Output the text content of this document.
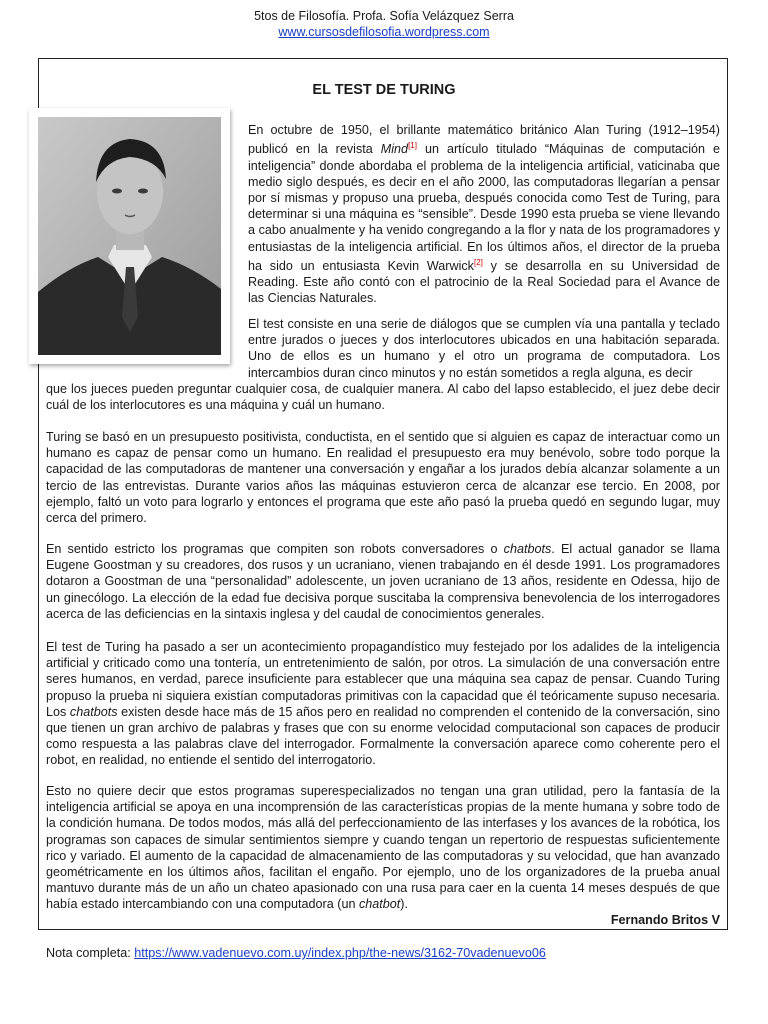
5tos de Filosofía. Profa. Sofía Velázquez Serra
www.cursosdefilosofia.wordpress.com
EL TEST DE TURING
En octubre de 1950, el brillante matemático británico Alan Turing (1912–1954) publicó en la revista Mind[1] un artículo titulado “Máquinas de computación e inteligencia” donde abordaba el problema de la inteligencia artificial, vaticinaba que medio siglo después, es decir en el año 2000, las computadoras llegarían a pensar por sí mismas y propuso una prueba, después conocida como Test de Turing, para determinar si una máquina es “sensible”. Desde 1990 esta prueba se viene llevando a cabo anualmente y ha venido congregando a la flor y nata de los programadores y entusiastas de la inteligencia artificial. En los últimos años, el director de la prueba ha sido un entusiasta Kevin Warwick[2] y se desarrolla en su Universidad de Reading. Este año contó con el patrocinio de la Real Sociedad para el Avance de las Ciencias Naturales.
El test consiste en una serie de diálogos que se cumplen vía una pantalla y teclado entre jurados o jueces y dos interlocutores ubicados en una habitación separada. Uno de ellos es un humano y el otro un programa de computadora. Los intercambios duran cinco minutos y no están sometidos a regla alguna, es decir
que los jueces pueden preguntar cualquier cosa, de cualquier manera. Al cabo del lapso establecido, el juez debe decir cuál de los interlocutores es una máquina y cuál un humano.
Turing se basó en un presupuesto positivista, conductista, en el sentido que si alguien es capaz de interactuar como un humano es capaz de pensar como un humano. En realidad el presupuesto era muy benévolo, sobre todo porque la capacidad de las computadoras de mantener una conversación y engañar a los jurados debía alcanzar solamente a un tercio de las entrevistas. Durante varios años las máquinas estuvieron cerca de alcanzar ese tercio. En 2008, por ejemplo, faltó un voto para lograrlo y entonces el programa que este año pasó la prueba quedó en segundo lugar, muy cerca del primero.
En sentido estricto los programas que compiten son robots conversadores o chatbots. El actual ganador se llama Eugene Goostman y su creadores, dos rusos y un ucraniano, vienen trabajando en él desde 1991. Los programadores dotaron a Goostman de una “personalidad” adolescente, un joven ucraniano de 13 años, residente en Odessa, hijo de un ginecólogo. La elección de la edad fue decisiva porque suscitaba la comprensiva benevolencia de los interrogadores acerca de las deficiencias en la sintaxis inglesa y del caudal de conocimientos generales.
El test de Turing ha pasado a ser un acontecimiento propagandístico muy festejado por los adalides de la inteligencia artificial y criticado como una tontería, un entretenimiento de salón, por otros. La simulación de una conversación entre seres humanos, en verdad, parece insuficiente para establecer que una máquina sea capaz de pensar. Cuando Turing propuso la prueba ni siquiera existían computadoras primitivas con la capacidad que él teóricamente supuso necesaria. Los chatbots existen desde hace más de 15 años pero en realidad no comprenden el contenido de la conversación, sino que tienen un gran archivo de palabras y frases que con su enorme velocidad computacional son capaces de producir como respuesta a las palabras clave del interrogador. Formalmente la conversación aparece como coherente pero el robot, en realidad, no entiende el sentido del interrogatorio.
Esto no quiere decir que estos programas superespecializados no tengan una gran utilidad, pero la fantasía de la inteligencia artificial se apoya en una incomprensión de las características propias de la mente humana y sobre todo de la condición humana. De todos modos, más allá del perfeccionamiento de las interfases y los avances de la robótica, los programas son capaces de simular sentimientos siempre y cuando tengan un repertorio de respuestas suficientemente rico y variado. El aumento de la capacidad de almacenamiento de las computadoras y su velocidad, que han avanzado geométricamente en los últimos años, facilitan el engaño. Por ejemplo, uno de los organizadores de la prueba anual mantuvo durante más de un año un chateo apasionado con una rusa para caer en la cuenta 14 meses después de que había estado intercambiando con una computadora (un chatbot).
Fernando Britos V
Nota completa: https://www.vadenuevo.com.uy/index.php/the-news/3162-70vadenuevo06
